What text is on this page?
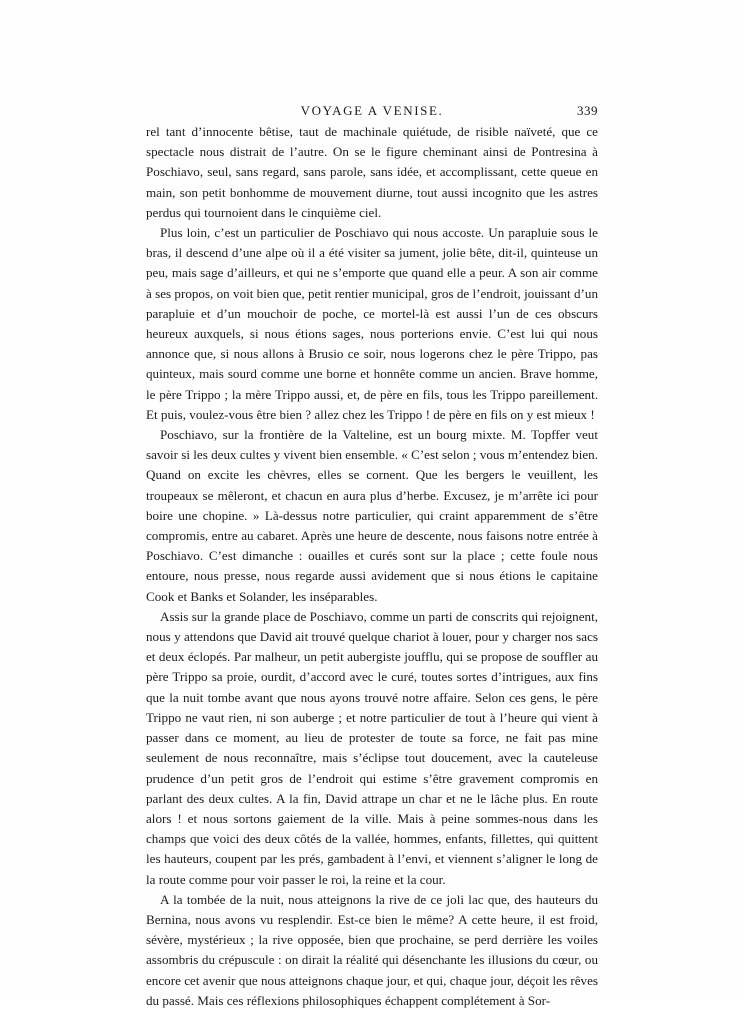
VOYAGE A VENISE.	339

rel tant d’innocente bêtise, taut de machinale quiétude, de risible naïveté, que ce spectacle nous distrait de l’autre. On se le figure cheminant ainsi de Pontresina à Poschiavo, seul, sans regard, sans parole, sans idée, et accomplissant, cette queue en main, son petit bonhomme de mouvement diurne, tout aussi incognito que les astres perdus qui tournoient dans le cinquième ciel.

Plus loin, c’est un particulier de Poschiavo qui nous accoste. Un parapluie sous le bras, il descend d’une alpe où il a été visiter sa jument, jolie bête, dit-il, quinteuse un peu, mais sage d’ailleurs, et qui ne s’emporte que quand elle a peur. A son air comme à ses propos, on voit bien que, petit rentier municipal, gros de l’endroit, jouissant d’un parapluie et d’un mouchoir de poche, ce mortel-là est aussi l’un de ces obscurs heureux auxquels, si nous étions sages, nous porterions envie. C’est lui qui nous annonce que, si nous allons à Brusio ce soir, nous logerons chez le père Trippo, pas quinteux, mais sourd comme une borne et honnête comme un ancien. Brave homme, le père Trippo ; la mère Trippo aussi, et, de père en fils, tous les Trippo pareillement. Et puis, voulez-vous être bien ? allez chez les Trippo ! de père en fils on y est mieux !

Poschiavo, sur la frontière de la Valteline, est un bourg mixte. M. Topffer veut savoir si les deux cultes y vivent bien ensemble. « C’est selon ; vous m’entendez bien. Quand on excite les chèvres, elles se cornent. Que les bergers le veuillent, les troupeaux se mêleront, et chacun en aura plus d’herbe. Excusez, je m’arrête ici pour boire une chopine. » Là-dessus notre particulier, qui craint apparemment de s’être compromis, entre au cabaret. Après une heure de descente, nous faisons notre entrée à Poschiavo. C’est dimanche : ouailles et curés sont sur la place ; cette foule nous entoure, nous presse, nous regarde aussi avidement que si nous étions le capitaine Cook et Banks et Solander, les inséparables.

Assis sur la grande place de Poschiavo, comme un parti de conscrits qui rejoignent, nous y attendons que David ait trouvé quelque chariot à louer, pour y charger nos sacs et deux éclopés. Par malheur, un petit aubergiste joufflu, qui se propose de souffler au père Trippo sa proie, ourdit, d’accord avec le curé, toutes sortes d’intrigues, aux fins que la nuit tombe avant que nous ayons trouvé notre affaire. Selon ces gens, le père Trippo ne vaut rien, ni son auberge ; et notre particulier de tout à l’heure qui vient à passer dans ce moment, au lieu de protester de toute sa force, ne fait pas mine seulement de nous reconnaître, mais s’éclipse tout doucement, avec la cauteleuse prudence d’un petit gros de l’endroit qui estime s’être gravement compromis en parlant des deux cultes. A la fin, David attrape un char et ne le lâche plus. En route alors ! et nous sortons gaiement de la ville. Mais à peine sommes-nous dans les champs que voici des deux côtés de la vallée, hommes, enfants, fillettes, qui quittent les hauteurs, coupent par les prés, gambadent à l’envi, et viennent s’aligner le long de la route comme pour voir passer le roi, la reine et la cour.

A la tombée de la nuit, nous atteignons la rive de ce joli lac que, des hauteurs du Bernina, nous avons vu resplendir. Est-ce bien le même? A cette heure, il est froid, sévère, mystérieux ; la rive opposée, bien que prochaine, se perd derrière les voiles assombris du crépuscule : on dirait la réalité qui désenchante les illusions du cœur, ou encore cet avenir que nous atteignons chaque jour, et qui, chaque jour, déçoit les rêves du passé. Mais ces réflexions philosophiques échappent complétement à Sor-
